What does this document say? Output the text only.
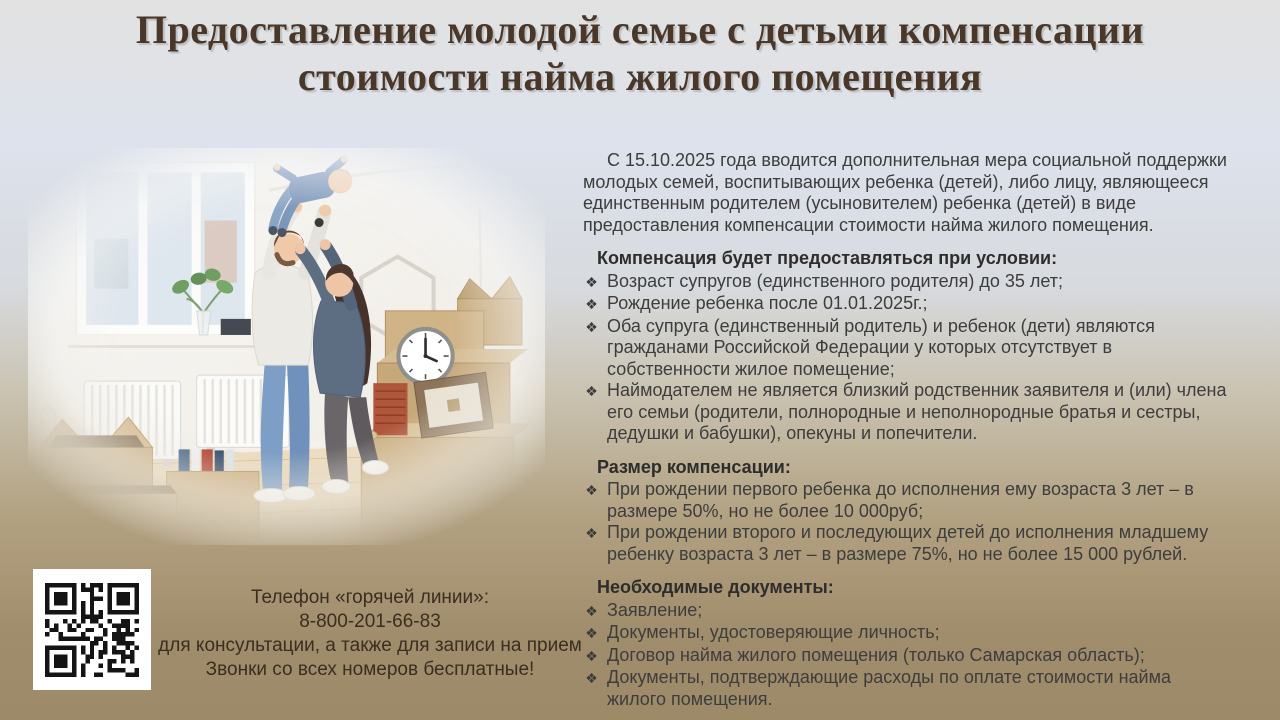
Предоставление молодой семье с детьми компенсации стоимости найма жилого помещения

С 15.10.2025 года вводится дополнительная мера социальной поддержки молодых семей, воспитывающих ребенка (детей), либо лицу, являющееся единственным родителем (усыновителем) ребенка (детей) в виде предоставления компенсации стоимости найма жилого помещения.

Компенсация будет предоставляться при условии:
❖ Возраст супругов (единственного родителя) до 35 лет;
❖ Рождение ребенка после 01.01.2025г.;
❖ Оба супруга (единственный родитель) и ребенок (дети) являются гражданами Российской Федерации у которых отсутствует в собственности жилое помещение;
❖ Наймодателем не является близкий родственник заявителя и (или) члена его семьи (родители, полнородные и неполнородные братья и сестры, дедушки и бабушки), опекуны и попечители.
Размер компенсации:
❖ При рождении первого ребенка до исполнения ему возраста 3 лет – в размере 50%, но не более 10 000руб;
❖ При рождении второго и последующих детей до исполнения младшему ребенку возраста 3 лет – в размере 75%, но не более 15 000 рублей.
Необходимые документы:
❖ Заявление;
❖ Документы, удостоверяющие личность;
❖ Договор найма жилого помещения (только Самарская область);
❖ Документы, подтверждающие расходы по оплате стоимости найма жилого помещения.
Телефон «горячей линии»:
8-800-201-66-83
для консультации, а также для записи на прием
Звонки со всех номеров бесплатные!
